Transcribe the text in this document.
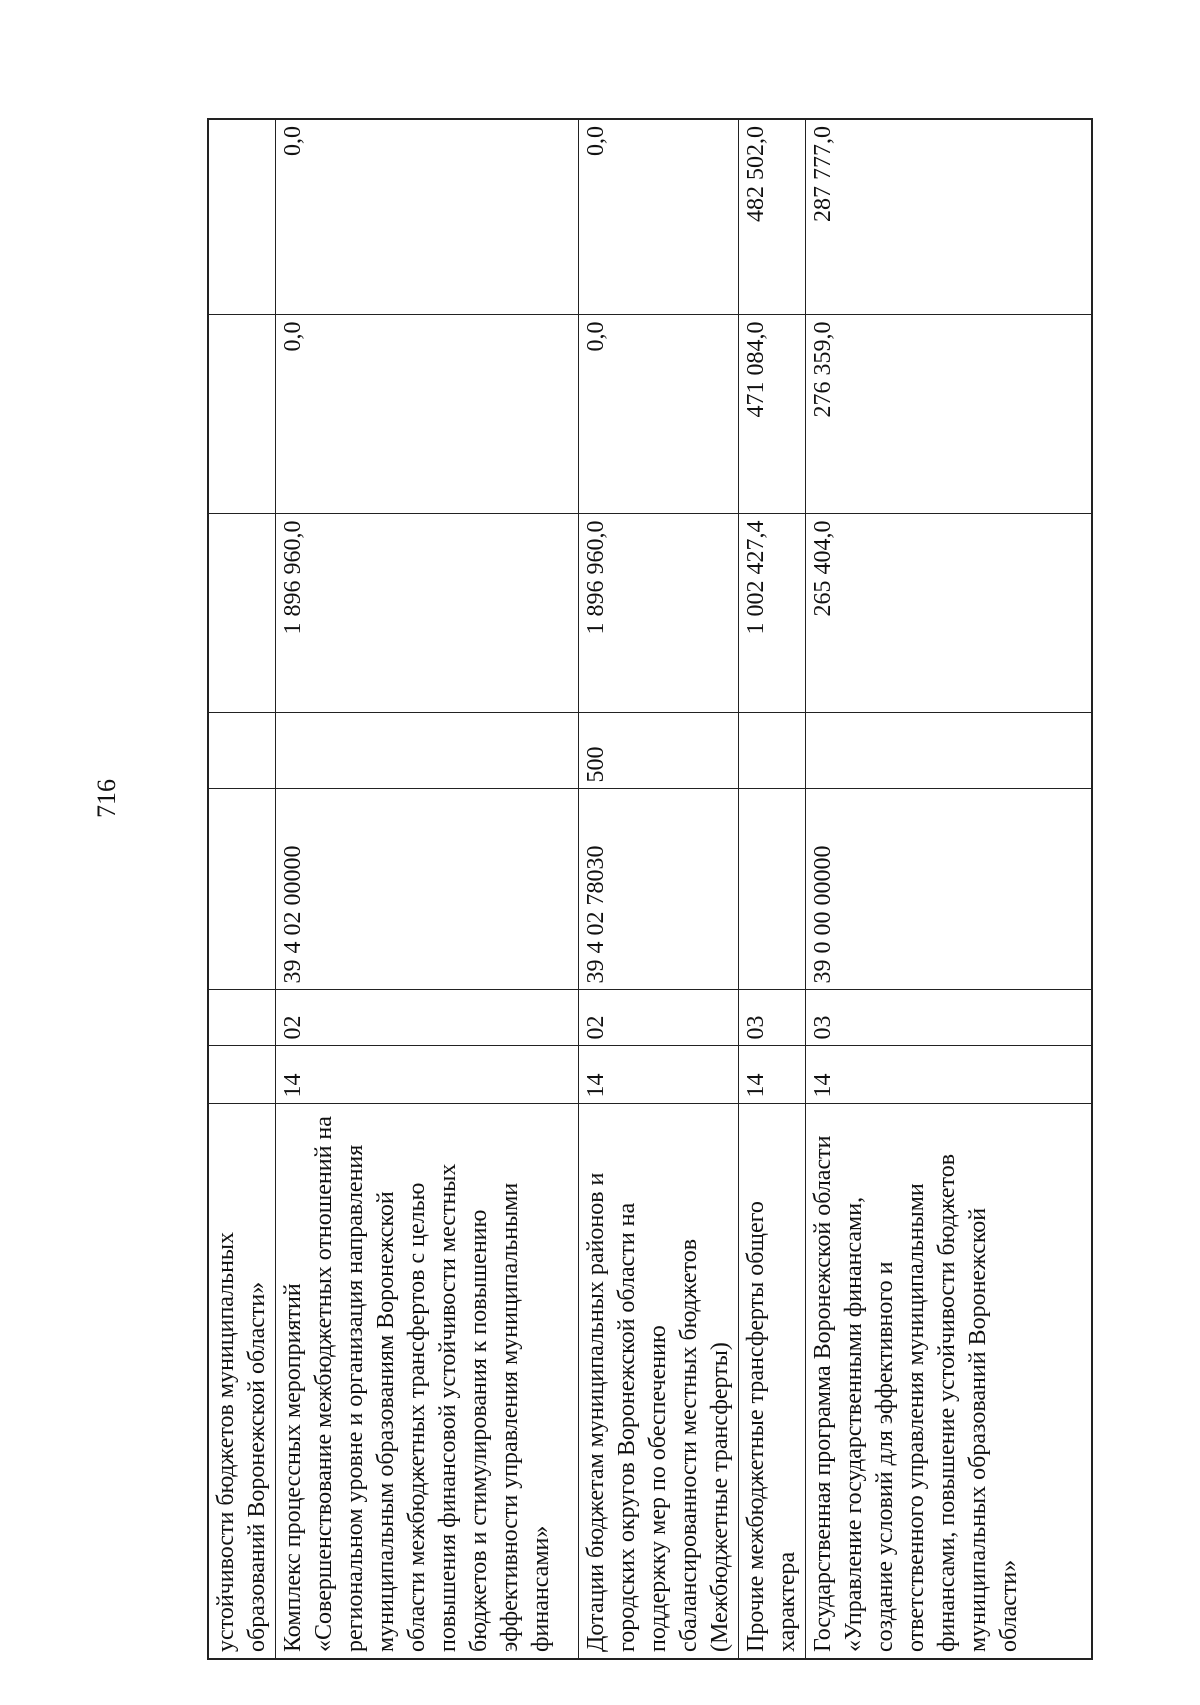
716
устойчивости бюджетов муниципальных образований Воронежской области»							
Комплекс процессных мероприятий «Совершенствование межбюджетных отношений на региональном уровне и организация направления муниципальным образованиям Воронежской области межбюджетных трансфертов с целью повышения финансовой устойчивости местных бюджетов и стимулирования к повышению эффективности управления муниципальными финансами»	14	02	39 4 02 00000		1 896 960,0	0,0	0,0
Дотации бюджетам муниципальных районов и городских округов Воронежской области на поддержку мер по обеспечению сбалансированности местных бюджетов (Межбюджетные трансферты)	14	02	39 4 02 78030	500	1 896 960,0	0,0	0,0
Прочие межбюджетные трансферты общего характера	14	03			1 002 427,4	471 084,0	482 502,0
Государственная программа Воронежской области «Управление государственными финансами, создание условий для эффективного и ответственного управления муниципальными финансами, повышение устойчивости бюджетов муниципальных образований Воронежской области»	14	03	39 0 00 00000		265 404,0	276 359,0	287 777,0
